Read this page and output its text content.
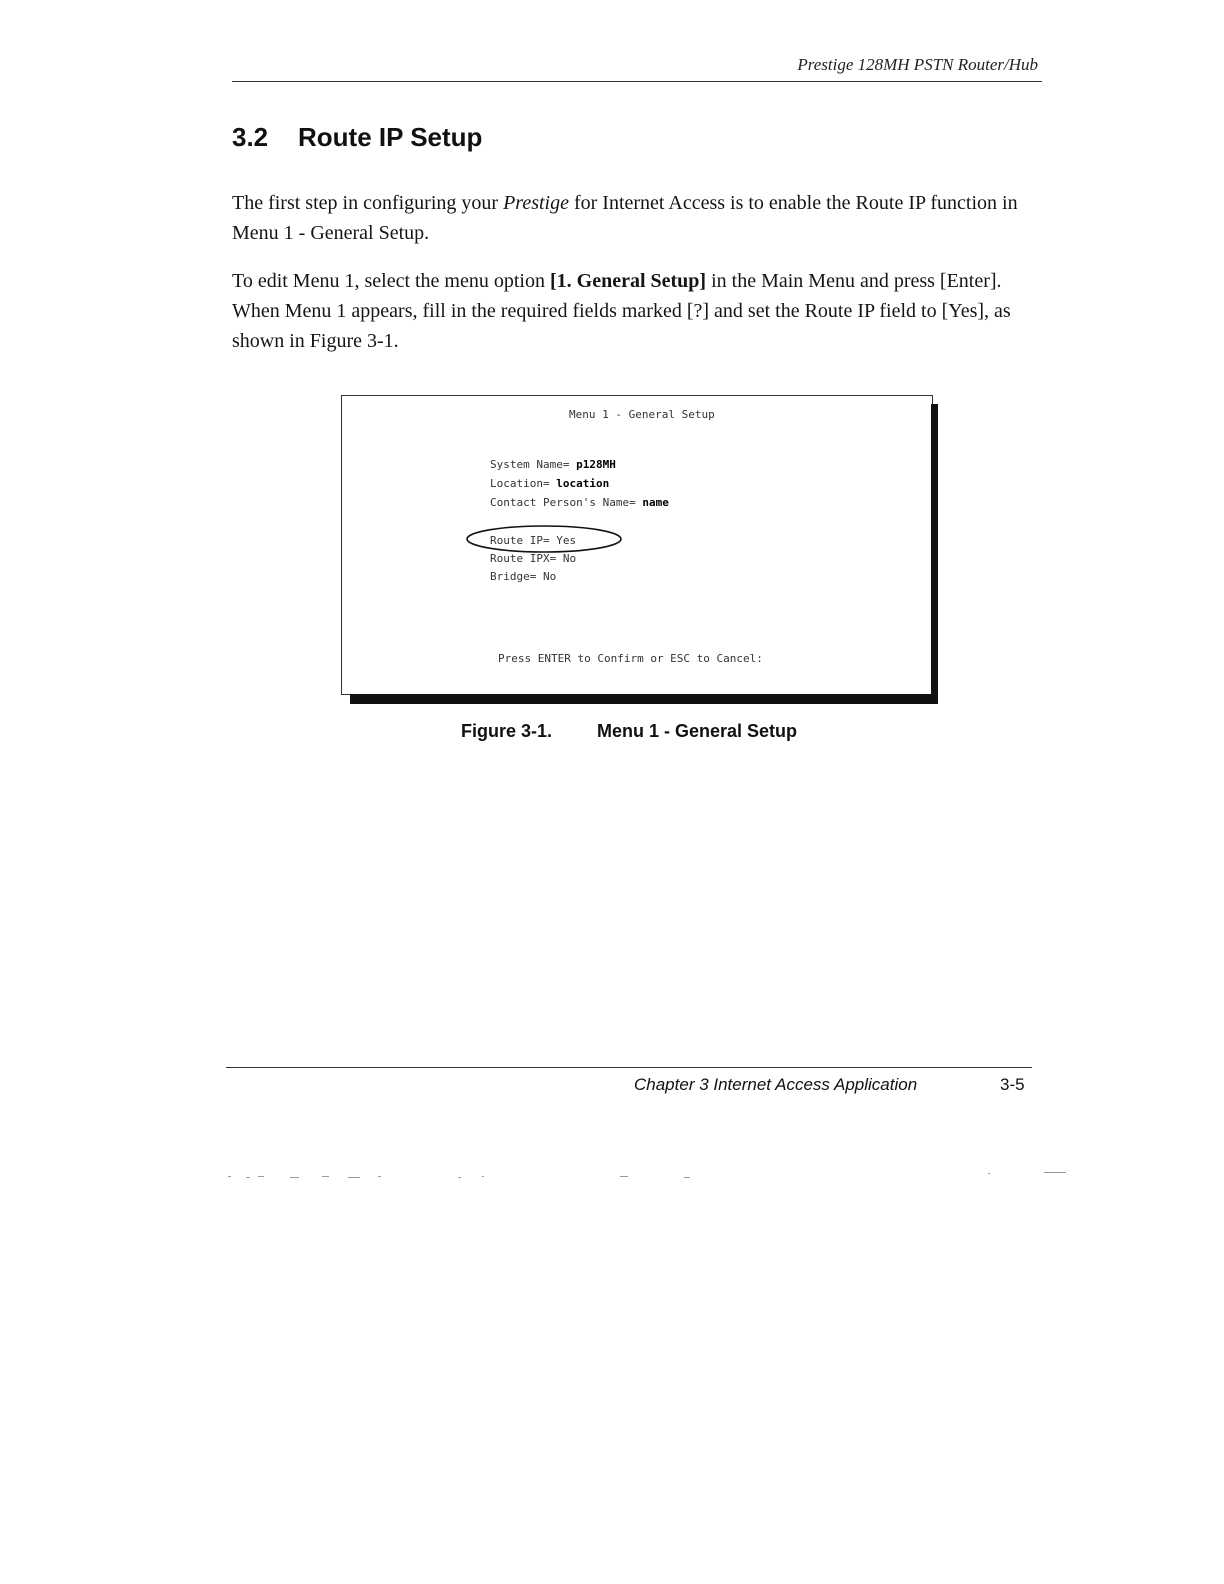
Prestige 128MH PSTN Router/Hub
3.2 Route IP Setup

The first step in configuring your Prestige for Internet Access is to enable the Route IP function in Menu 1 - General Setup.

To edit Menu 1, select the menu option [1. General Setup] in the Main Menu and press [Enter]. When Menu 1 appears, fill in the required fields marked [?] and set the Route IP field to [Yes], as shown in Figure 3-1.

Menu 1 - General Setup
System Name= p128MH
Location= location
Contact Person's Name= name
Route IP= Yes
Route IPX= No
Bridge= No
Press ENTER to Confirm or ESC to Cancel:
Figure 3-1. Menu 1 - General Setup
Chapter 3 Internet Access Application	3-5
